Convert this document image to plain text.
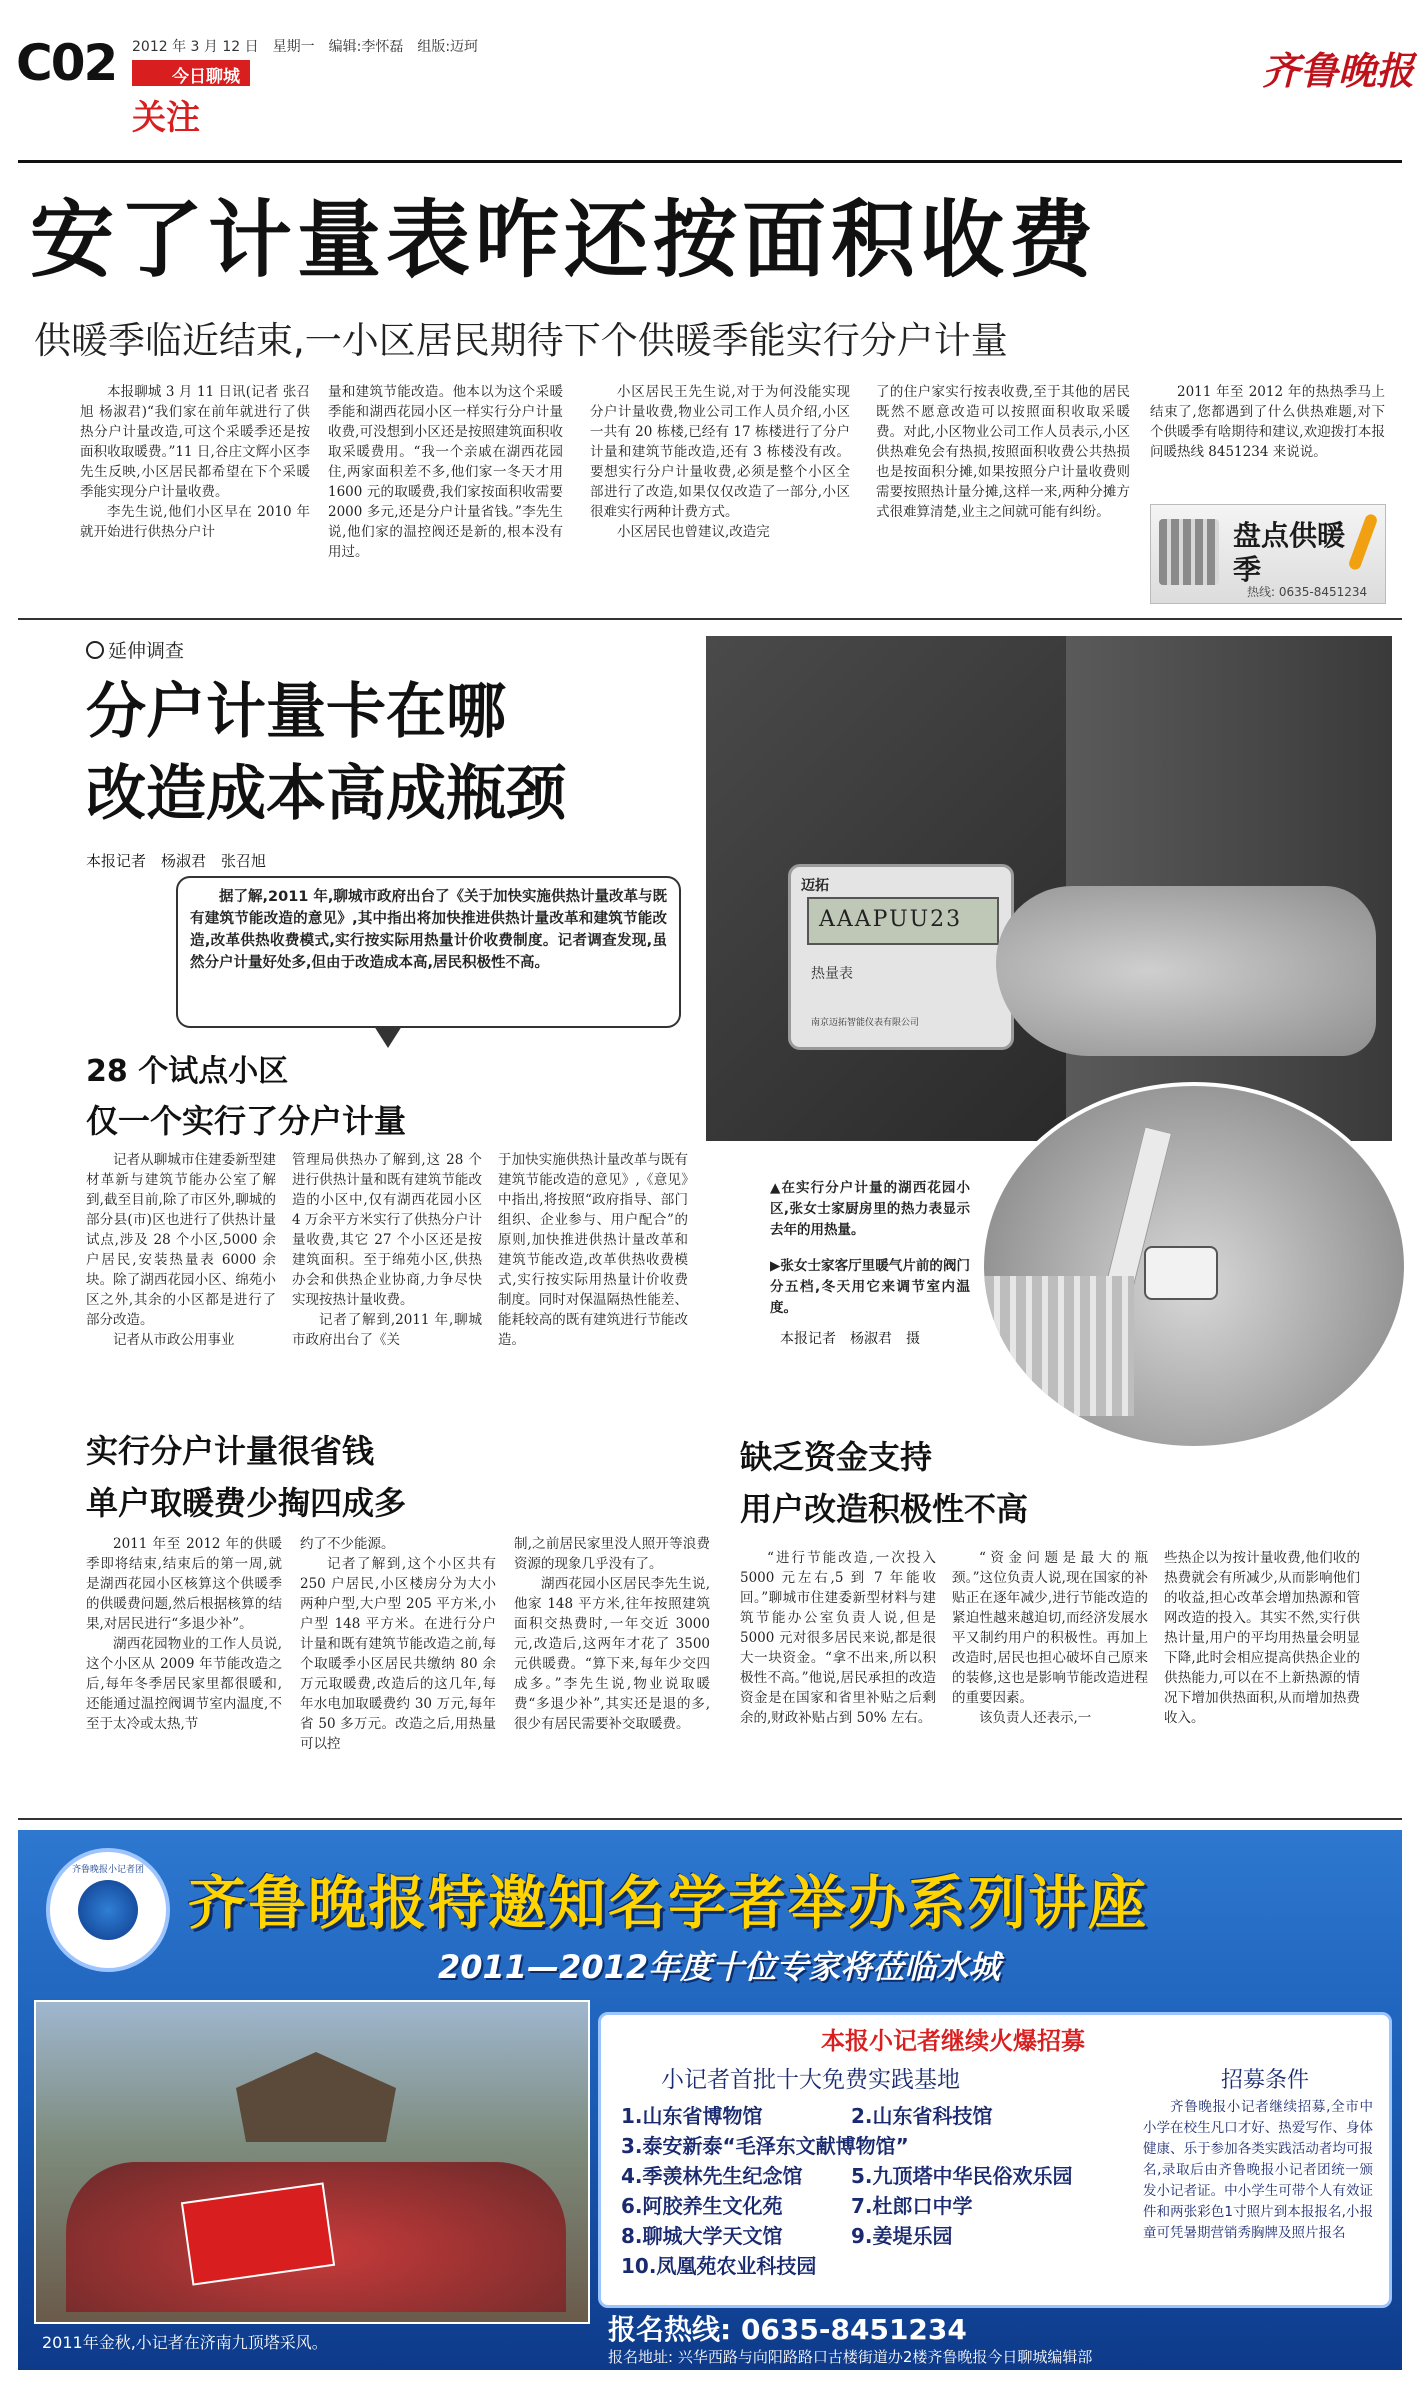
C02 2012 年 3 月 12 日　星期一　编辑:李怀磊　组版:迈珂
今日聊城
关注
齐鲁晚报
安了计量表咋还按面积收费
供暖季临近结束,一小区居民期待下个供暖季能实行分户计量

本报聊城 3 月 11 日讯(记者 张召旭 杨淑君)“我们家在前年就进行了供热分户计量改造,可这个采暖季还是按面积收取暖费。”11 日,谷庄文辉小区李先生反映,小区居民都希望在下个采暖季能实现分户计量收费。

李先生说,他们小区早在 2010 年就开始进行供热分户计

量和建筑节能改造。他本以为这个采暖季能和湖西花园小区一样实行分户计量收费,可没想到小区还是按照建筑面积收取采暖费用。“我一个亲戚在湖西花园住,两家面积差不多,他们家一冬天才用 1600 元的取暖费,我们家按面积收需要 2000 多元,还是分户计量省钱。”李先生说,他们家的温控阀还是新的,根本没有用过。

小区居民王先生说,对于为何没能实现分户计量收费,物业公司工作人员介绍,小区一共有 20 栋楼,已经有 17 栋楼进行了分户计量和建筑节能改造,还有 3 栋楼没有改。要想实行分户计量收费,必须是整个小区全部进行了改造,如果仅仅改造了一部分,小区很难实行两种计费方式。

小区居民也曾建议,改造完

了的住户家实行按表收费,至于其他的居民既然不愿意改造可以按照面积收取采暖费。对此,小区物业公司工作人员表示,小区供热难免会有热损,按照面积收费公共热损也是按面积分摊,如果按照分户计量收费则需要按照热计量分摊,这样一来,两种分摊方式很难算清楚,业主之间就可能有纠纷。

2011 年至 2012 年的热热季马上结束了,您都遇到了什么供热难题,对下个供暖季有啥期待和建议,欢迎拨打本报问暖热线 8451234 来说说。

盘点供暖季
热线: 0635-8451234
延伸调查
分户计量卡在哪
改造成本高成瓶颈
本报记者　杨淑君　张召旭

据了解,2011 年,聊城市政府出台了《关于加快实施供热计量改革与既有建筑节能改造的意见》,其中指出将加快推进供热计量改革和建筑节能改造,改革供热收费模式,实行按实际用热量计价收费制度。记者调查发现,虽然分户计量好处多,但由于改造成本高,居民积极性不高。

28 个试点小区
仅一个实行了分户计量

记者从聊城市住建委新型建材革新与建筑节能办公室了解到,截至目前,除了市区外,聊城的部分县(市)区也进行了供热计量试点,涉及 28 个小区,5000 余户居民,安装热量表 6000 余块。除了湖西花园小区、绵苑小区之外,其余的小区都是进行了部分改造。

记者从市政公用事业

管理局供热办了解到,这 28 个进行供热计量和既有建筑节能改造的小区中,仅有湖西花园小区 4 万余平方米实行了供热分户计量收费,其它 27 个小区还是按建筑面积。至于绵苑小区,供热办会和供热企业协商,力争尽快实现按热计量收费。

记者了解到,2011 年,聊城市政府出台了《关

于加快实施供热计量改革与既有建筑节能改造的意见》,《意见》中指出,将按照“政府指导、部门组织、企业参与、用户配合”的原则,加快推进供热计量改革和建筑节能改造,改革供热收费模式,实行按实际用热量计价收费制度。同时对保温隔热性能差、能耗较高的既有建筑进行节能改造。

迈拓
AAAPUU23
热量表
南京迈拓智能仪表有限公司

▲在实行分户计量的湖西花园小区,张女士家厨房里的热力表显示去年的用热量。

▶张女士家客厅里暖气片前的阀门分五档,冬天用它来调节室内温度。

本报记者　杨淑君　摄
实行分户计量很省钱
单户取暖费少掏四成多

2011 年至 2012 年的供暖季即将结束,结束后的第一周,就是湖西花园小区核算这个供暖季的供暖费问题,然后根据核算的结果,对居民进行“多退少补”。

湖西花园物业的工作人员说,这个小区从 2009 年节能改造之后,每年冬季居民家里都很暖和,还能通过温控阀调节室内温度,不至于太冷或太热,节

约了不少能源。

记者了解到,这个小区共有 250 户居民,小区楼房分为大小两种户型,大户型 205 平方米,小户型 148 平方米。在进行分户计量和既有建筑节能改造之前,每个取暖季小区居民共缴纳 80 余万元取暖费,改造后的这几年,每年水电加取暖费约 30 万元,每年省 50 多万元。改造之后,用热量可以控

制,之前居民家里没人照开等浪费资源的现象几乎没有了。

湖西花园小区居民李先生说,他家 148 平方米,往年按照建筑面积交热费时,一年交近 3000 元,改造后,这两年才花了 3500 元供暖费。“算下来,每年少交四成多。”李先生说,物业说取暖费“多退少补”,其实还是退的多,很少有居民需要补交取暖费。

缺乏资金支持
用户改造积极性不高

“进行节能改造,一次投入 5000 元左右,5 到 7 年能收回。”聊城市住建委新型材料与建筑节能办公室负责人说,但是 5000 元对很多居民来说,都是很大一块资金。“拿不出来,所以积极性不高。”他说,居民承担的改造资金是在国家和省里补贴之后剩余的,财政补贴占到 50% 左右。

“资金问题是最大的瓶颈。”这位负责人说,现在国家的补贴正在逐年减少,进行节能改造的紧迫性越来越迫切,而经济发展水平又制约用户的积极性。再加上改造时,居民也担心破坏自己原来的装修,这也是影响节能改造进程的重要因素。

该负责人还表示,一

些热企以为按计量收费,他们收的热费就会有所减少,从而影响他们的收益,担心改革会增加热源和管网改造的投入。其实不然,实行供热计量,用户的平均用热量会明显下降,此时会相应提高供热企业的供热能力,可以在不上新热源的情况下增加供热面积,从而增加热费收入。

齐鲁晚报小记者团 齐鲁晚报特邀知名学者举办系列讲座
2011—2012年度十位专家将莅临水城
2011年金秋,小记者在济南九顶塔采风。
本报小记者继续火爆招募
小记者首批十大免费实践基地
1.山东省博物馆
3.泰安新泰“毛泽东文献博物馆”
4.季羡林先生纪念馆
6.阿胶养生文化苑
8.聊城大学天文馆
10.凤凰苑农业科技园
2.山东省科技馆
5.九顶塔中华民俗欢乐园
7.杜郎口中学
9.姜堤乐园
招募条件
齐鲁晚报小记者继续招募,全市中小学在校生凡口才好、热爱写作、身体健康、乐于参加各类实践活动者均可报名,录取后由齐鲁晚报小记者团统一颁发小记者证。中小学生可带个人有效证件和两张彩色1寸照片到本报报名,小报童可凭暑期营销秀胸牌及照片报名
报名热线: 0635-8451234
报名地址: 兴华西路与向阳路路口古楼街道办2楼齐鲁晚报今日聊城编辑部
